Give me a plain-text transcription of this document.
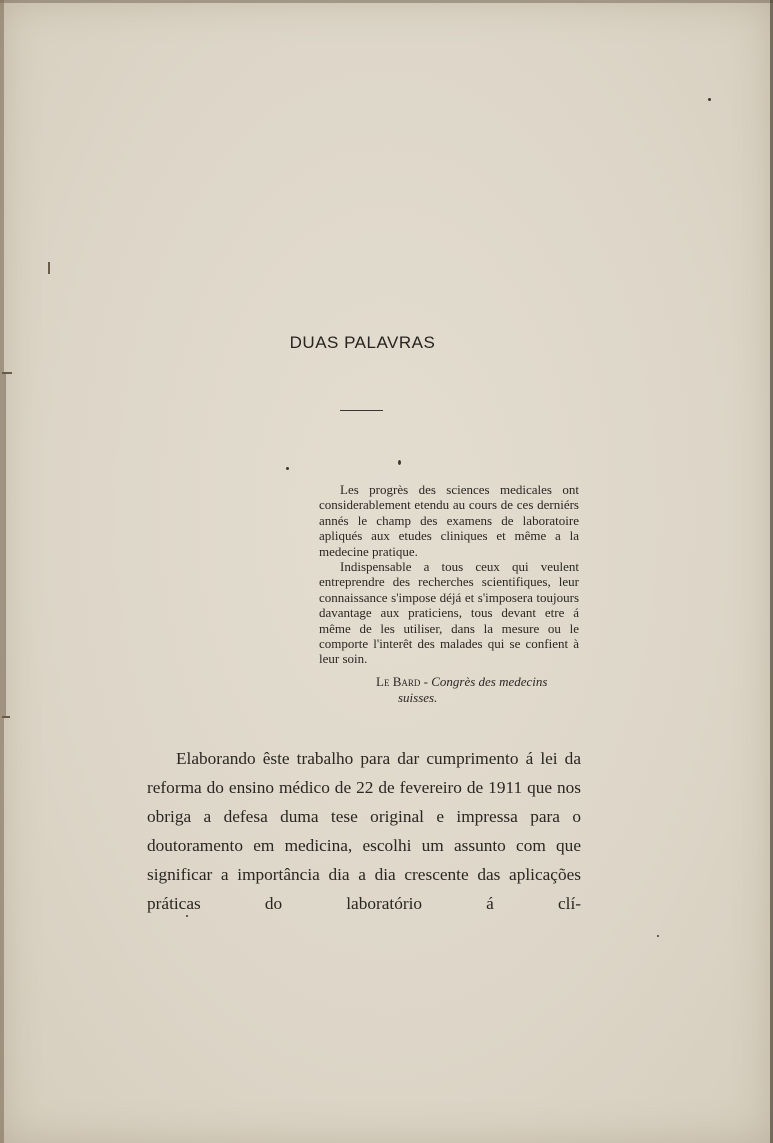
DUAS PALAVRAS

Les progrès des sciences medicales ont considerablement etendu au cours de ces derniérs annés le champ des examens de laboratoire apliqués aux etudes cliniques et même a la medecine pratique.

Indispensable a tous ceux qui veulent entreprendre des recherches scientifiques, leur connaissance s'impose déjá et s'imposera toujours davantage aux praticiens, tous devant etre á même de les utiliser, dans la mesure ou le comporte l'interêt des malades qui se confient à leur soin.

Le Bard - Congrès des medecins
suisses.

Elaborando êste trabalho para dar cumprimento á lei da reforma do ensino médico de 22 de fevereiro de 1911 que nos obriga a defesa duma tese original e impressa para o doutoramento em medicina, escolhi um assunto com que significar a importância dia a dia crescente das aplicações práticas do laboratório á clí-
